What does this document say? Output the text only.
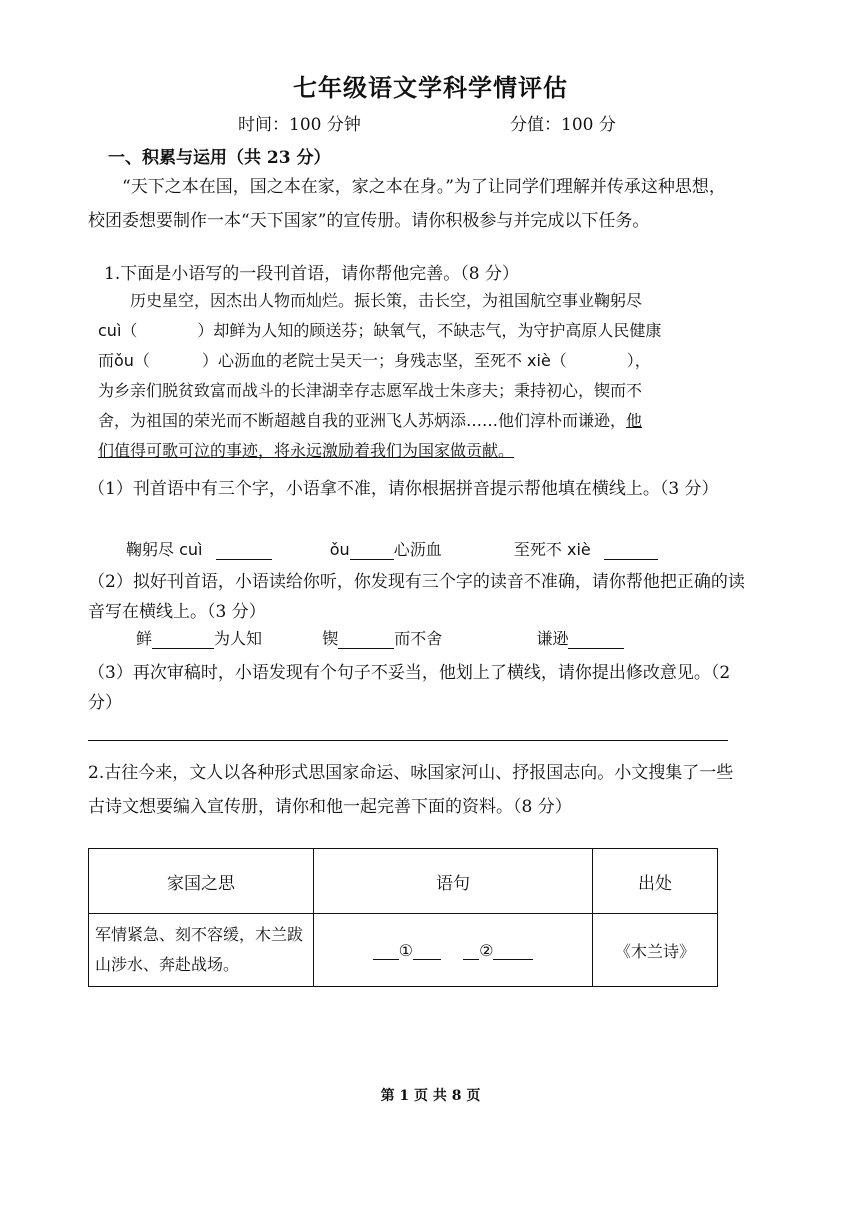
七年级语文学科学情评估
时间：100 分钟	分值：100 分
一、积累与运用（共 23 分）
“天下之本在国，国之本在家，家之本在身。”为了让同学们理解并传承这种思想，校团委想要制作一本“天下国家”的宣传册。请你积极参与并完成以下任务。
1.下面是小语写的一段刊首语，请你帮他完善。（8 分）

历史星空，因杰出人物而灿烂。振长策，击长空，为祖国航空事业鞠躬尽

cuì（	）却鲜为人知的顾送芬；缺氧气，不缺志气，为守护高原人民健康

而ǒu（	）心沥血的老院士吴天一；身残志坚，至死不 xiè（	），

为乡亲们脱贫致富而战斗的长津湖幸存志愿军战士朱彦夫；秉持初心，锲而不

舍，为祖国的荣光而不断超越自我的亚洲飞人苏炳添……他们淳朴而谦逊，他

们值得可歌可泣的事迹，将永远激励着我们为国家做贡献。

（1）刊首语中有三个字，小语拿不准，请你根据拼音提示帮他填在横线上。（3 分）
鞠躬尽 cuì	ǒu	心沥血	至死不 xiè
（2）拟好刊首语，小语读给你听，你发现有三个字的读音不准确，请你帮他把正确的读音写在横线上。（3 分）
鲜	为人知	锲	而不舍	谦逊
（3）再次审稿时，小语发现有个句子不妥当，他划上了横线，请你提出修改意见。（2 分）
2.古往今来，文人以各种形式思国家命运、咏国家河山、抒报国志向。小文搜集了一些古诗文想要编入宣传册，请你和他一起完善下面的资料。（8 分）
家国之思	语句	出处
军情紧急、刻不容缓，木兰跋山涉水、奔赴战场。	① ②	《木兰诗》
第 1 页 共 8 页
